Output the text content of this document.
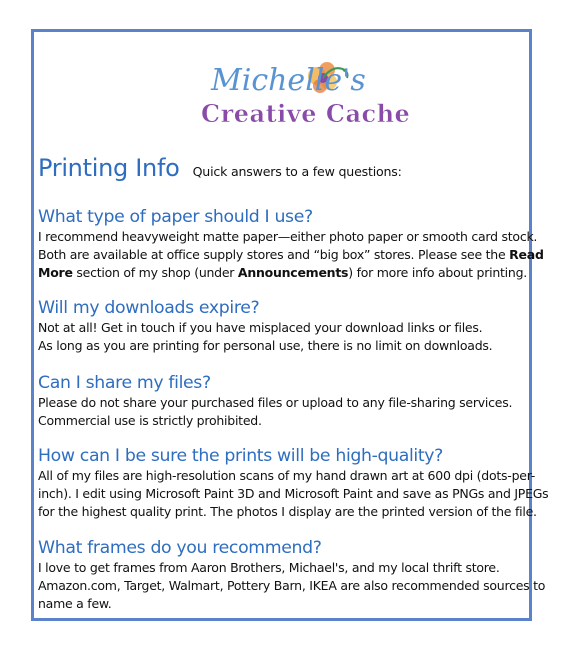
Michelle's
Creative Cache
Printing Info Quick answers to a few questions:
What type of paper should I use?
I recommend heavyweight matte paper—either photo paper or smooth card stock.
Both are available at office supply stores and “big box” stores. Please see the Read
More section of my shop (under Announcements) for more info about printing.
Will my downloads expire?
Not at all! Get in touch if you have misplaced your download links or files.
As long as you are printing for personal use, there is no limit on downloads.
Can I share my files?
Please do not share your purchased files or upload to any file-sharing services.
Commercial use is strictly prohibited.
How can I be sure the prints will be high-quality?
All of my files are high-resolution scans of my hand drawn art at 600 dpi (dots-per-
inch). I edit using Microsoft Paint 3D and Microsoft Paint and save as PNGs and JPEGs
for the highest quality print. The photos I display are the printed version of the file.
What frames do you recommend?
I love to get frames from Aaron Brothers, Michael's, and my local thrift store.
Amazon.com, Target, Walmart, Pottery Barn, IKEA are also recommended sources to
name a few.
